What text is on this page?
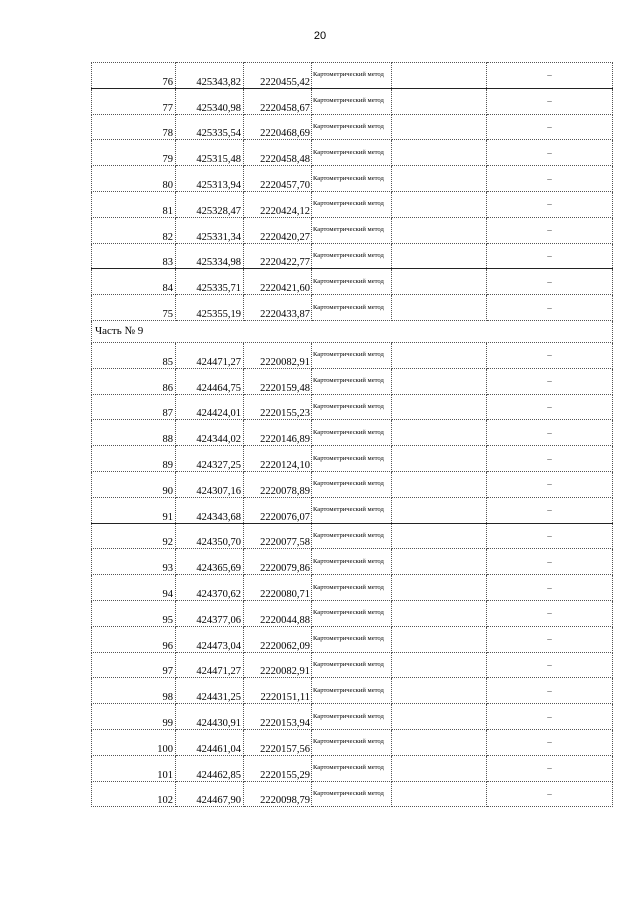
20
76	425343,82	2220455,42	Картометрический метод		–
77	425340,98	2220458,67	Картометрический метод		–
78	425335,54	2220468,69	Картометрический метод		–
79	425315,48	2220458,48	Картометрический метод		–
80	425313,94	2220457,70	Картометрический метод		–
81	425328,47	2220424,12	Картометрический метод		–
82	425331,34	2220420,27	Картометрический метод		–
83	425334,98	2220422,77	Картометрический метод		–
84	425335,71	2220421,60	Картометрический метод		–
75	425355,19	2220433,87	Картометрический метод		–
Часть № 9					
85	424471,27	2220082,91	Картометрический метод		–
86	424464,75	2220159,48	Картометрический метод		–
87	424424,01	2220155,23	Картометрический метод		–
88	424344,02	2220146,89	Картометрический метод		–
89	424327,25	2220124,10	Картометрический метод		–
90	424307,16	2220078,89	Картометрический метод		–
91	424343,68	2220076,07	Картометрический метод		–
92	424350,70	2220077,58	Картометрический метод		–
93	424365,69	2220079,86	Картометрический метод		–
94	424370,62	2220080,71	Картометрический метод		–
95	424377,06	2220044,88	Картометрический метод		–
96	424473,04	2220062,09	Картометрический метод		–
97	424471,27	2220082,91	Картометрический метод		–
98	424431,25	2220151,11	Картометрический метод		–
99	424430,91	2220153,94	Картометрический метод		–
100	424461,04	2220157,56	Картометрический метод		–
101	424462,85	2220155,29	Картометрический метод		–
102	424467,90	2220098,79	Картометрический метод		–
